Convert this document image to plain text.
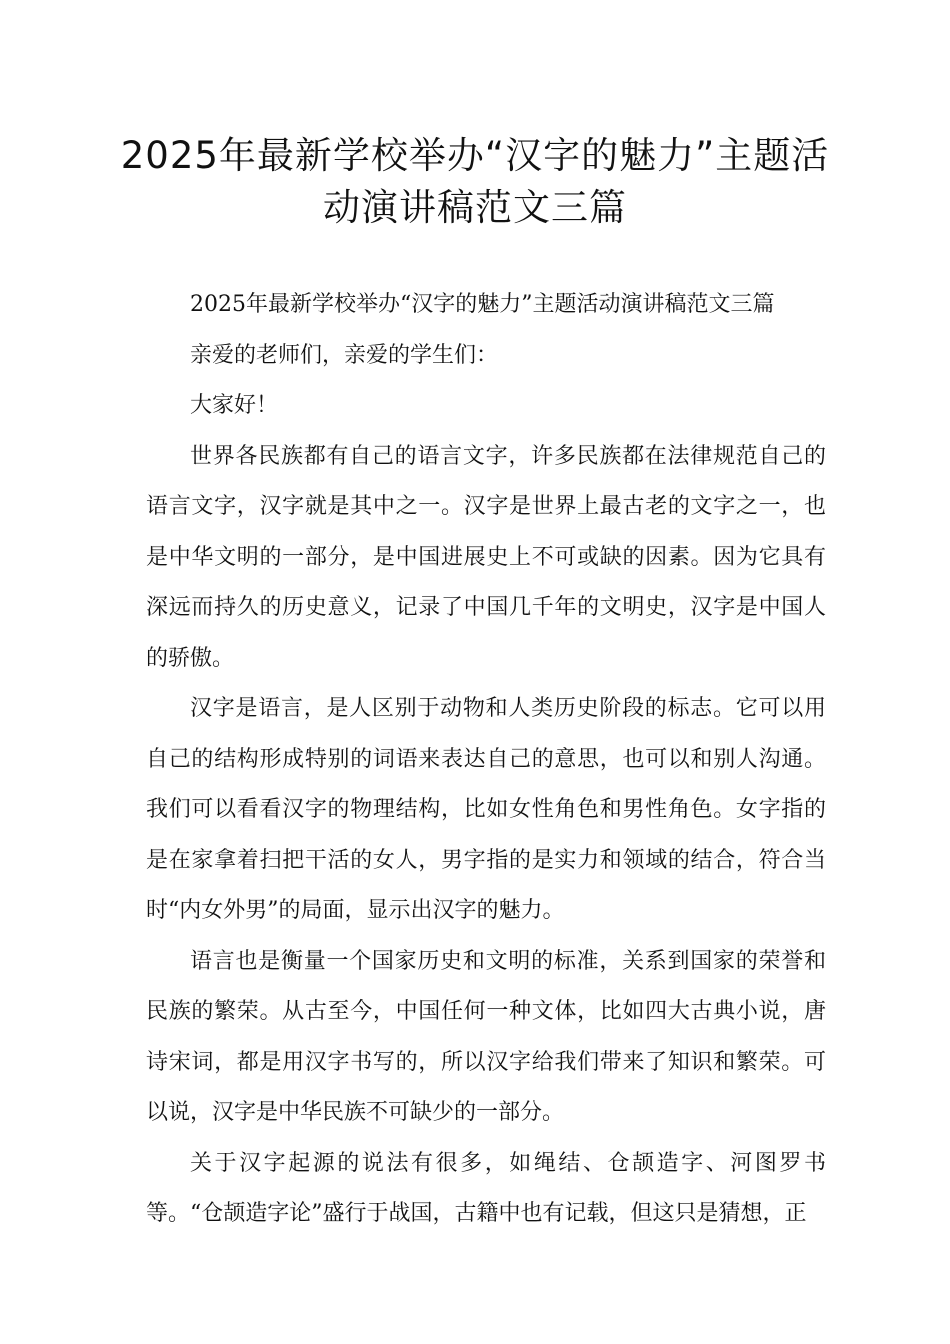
2025年最新学校举办“汉字的魅力”主题活动演讲稿范文三篇

2025年最新学校举办“汉字的魅力”主题活动演讲稿范文三篇

亲爱的老师们，亲爱的学生们：

大家好！

世界各民族都有自己的语言文字，许多民族都在法律规范自己的语言文字，汉字就是其中之一。汉字是世界上最古老的文字之一，也是中华文明的一部分，是中国进展史上不可或缺的因素。因为它具有深远而持久的历史意义，记录了中国几千年的文明史，汉字是中国人的骄傲。

汉字是语言，是人区别于动物和人类历史阶段的标志。它可以用自己的结构形成特别的词语来表达自己的意思，也可以和别人沟通。我们可以看看汉字的物理结构，比如女性角色和男性角色。女字指的是在家拿着扫把干活的女人，男字指的是实力和领域的结合，符合当时“内女外男”的局面，显示出汉字的魅力。

语言也是衡量一个国家历史和文明的标准，关系到国家的荣誉和民族的繁荣。从古至今，中国任何一种文体，比如四大古典小说，唐诗宋词，都是用汉字书写的，所以汉字给我们带来了知识和繁荣。可以说，汉字是中华民族不可缺少的一部分。

关于汉字起源的说法有很多，如绳结、仓颉造字、河图罗书等。“仓颉造字论”盛行于战国，古籍中也有记载，但这只是猜想，正
